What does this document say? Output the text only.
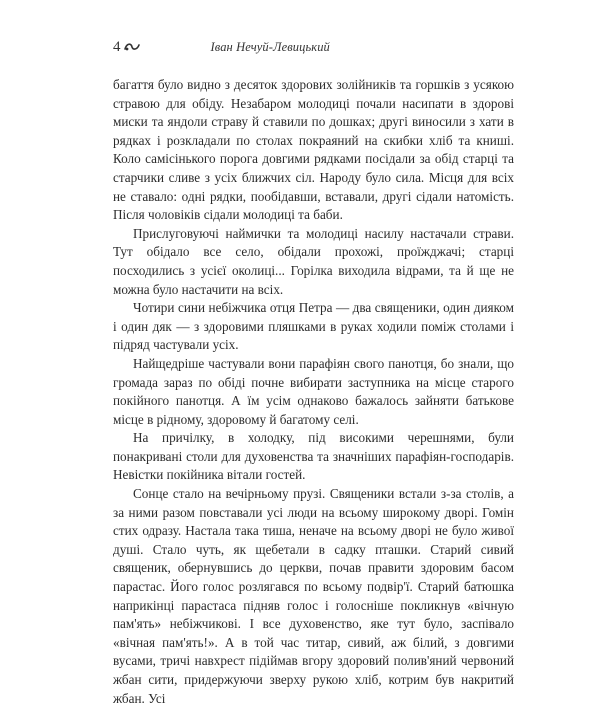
4	Іван Нечуй-Левицький

багаття було видно з десяток здорових золійників та горшків з усякою стравою для обіду. Незабаром молодиці почали насипати в здорові миски та яндоли страву й ставили по дошках; другі виносили з хати в рядках і розкладали по столах покраяний на скибки хліб та книші. Коло самісінького порога довгими рядками посідали за обід старці та старчики сливе з усіх ближчих сіл. Народу було сила. Місця для всіх не ставало: одні рядки, пообідавши, вставали, другі сідали натомість. Після чоловіків сідали молодиці та баби.

Прислуговуючі наймички та молодиці насилу настачали страви. Тут обідало все село, обідали прохожі, проїжджачі; старці посходились з усієї околиці... Горілка виходила відрами, та й ще не можна було настачити на всіх.

Чотири сини небіжчика отця Петра — два священики, один дияком і один дяк — з здоровими пляшками в руках ходили поміж столами і підряд частували усіх.

Найщедріше частували вони парафіян свого панотця, бо знали, що громада зараз по обіді почне вибирати заступника на місце старого покійного панотця. А їм усім однаково бажалось зайняти батькове місце в рідному, здоровому й багатому селі.

На причілку, в холодку, під високими черешнями, були понакривані столи для духовенства та значніших парафіян-господарів. Невістки покійника вітали гостей.

Сонце стало на вечірньому прузі. Священики встали з-за столів, а за ними разом повставали усі люди на всьому широкому дворі. Гомін стих одразу. Настала така тиша, неначе на всьому дворі не було живої душі. Стало чуть, як щебетали в садку пташки. Старий сивий священик, обернувшись до церкви, почав правити здоровим басом парастас. Його голос розлягався по всьому подвір'ї. Старий батюшка наприкінці парастаса підняв голос і голосніше покликнув «вічную пам'ять» небіжчикові. І все духовенство, яке тут було, заспівало «вічная пам'ять!». А в той час титар, сивий, аж білий, з довгими вусами, тричі навхрест підіймав вгору здоровий полив'яний червоний жбан сити, придержуючи зверху рукою хліб, котрим був накритий жбан. Усі
